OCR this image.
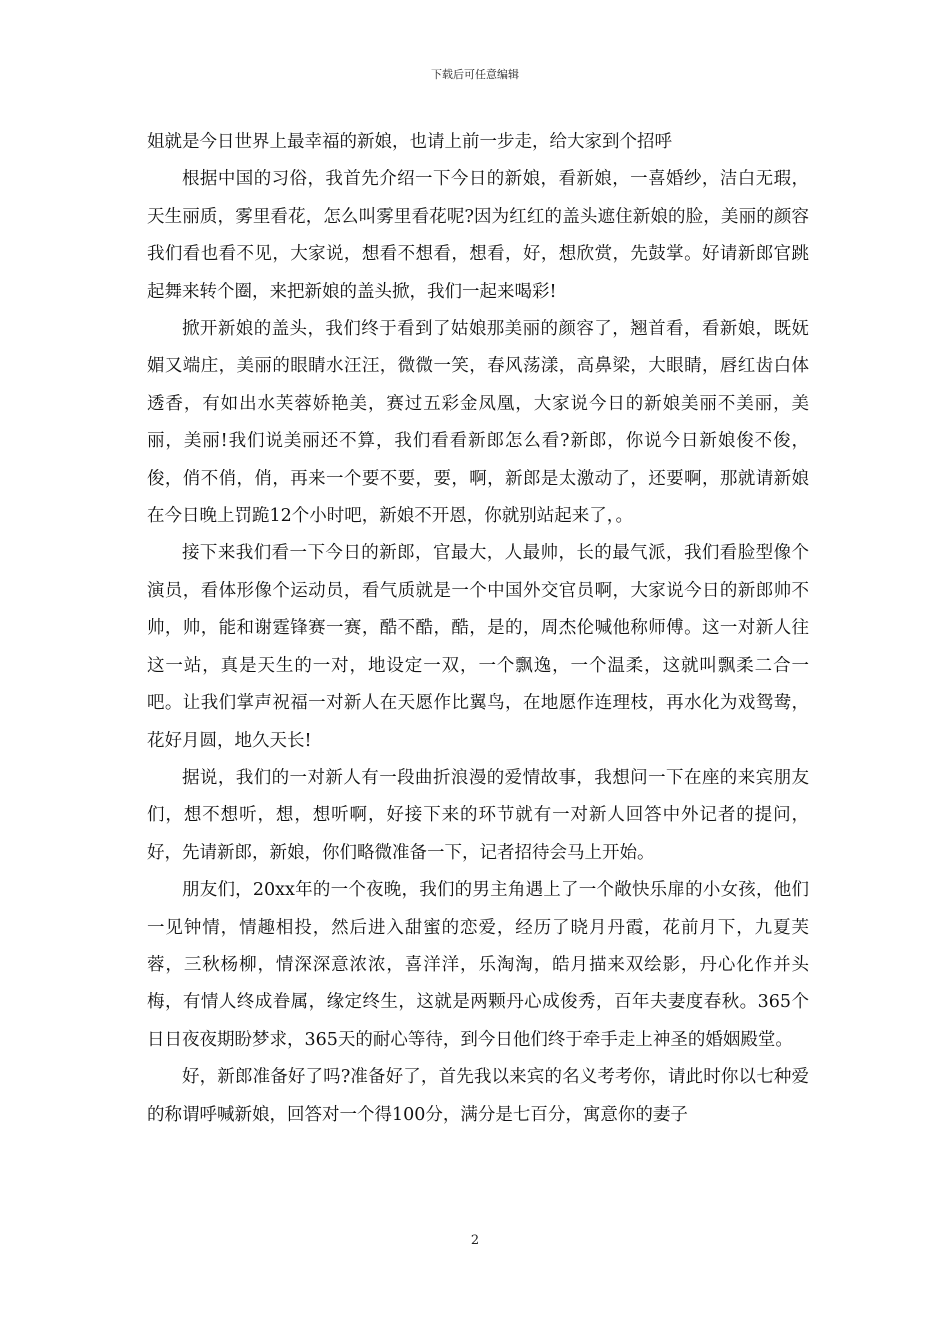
下载后可任意编辑

姐就是今日世界上最幸福的新娘，也请上前一步走，给大家到个招呼

根据中国的习俗，我首先介绍一下今日的新娘，看新娘，一喜婚纱，洁白无瑕，天生丽质，雾里看花，怎么叫雾里看花呢?因为红红的盖头遮住新娘的脸，美丽的颜容我们看也看不见，大家说，想看不想看，想看，好，想欣赏，先鼓掌。好请新郎官跳起舞来转个圈，来把新娘的盖头掀，我们一起来喝彩!

掀开新娘的盖头，我们终于看到了姑娘那美丽的颜容了，翘首看，看新娘，既妩媚又端庄，美丽的眼睛水汪汪，微微一笑，春风荡漾，高鼻梁，大眼睛，唇红齿白体透香，有如出水芙蓉娇艳美，赛过五彩金凤凰，大家说今日的新娘美丽不美丽，美丽，美丽!我们说美丽还不算，我们看看新郎怎么看?新郎，你说今日新娘俊不俊，俊，俏不俏，俏，再来一个要不要，要，啊，新郎是太激动了，还要啊，那就请新娘在今日晚上罚跪12个小时吧，新娘不开恩，你就别站起来了，。

接下来我们看一下今日的新郎，官最大，人最帅，长的最气派，我们看脸型像个演员，看体形像个运动员，看气质就是一个中国外交官员啊，大家说今日的新郎帅不帅，帅，能和谢霆锋赛一赛，酷不酷，酷，是的，周杰伦喊他称师傅。这一对新人往这一站，真是天生的一对，地设定一双，一个飘逸，一个温柔，这就叫飘柔二合一吧。让我们掌声祝福一对新人在天愿作比翼鸟，在地愿作连理枝，再水化为戏鸳鸯，花好月圆，地久天长!

据说，我们的一对新人有一段曲折浪漫的爱情故事，我想问一下在座的来宾朋友们，想不想听，想，想听啊，好接下来的环节就有一对新人回答中外记者的提问，好，先请新郎，新娘，你们略微准备一下，记者招待会马上开始。

朋友们，20xx年的一个夜晚，我们的男主角遇上了一个敞快乐扉的小女孩，他们一见钟情，情趣相投，然后进入甜蜜的恋爱，经历了晓月丹霞，花前月下，九夏芙蓉，三秋杨柳，情深深意浓浓，喜洋洋，乐淘淘，皓月描来双绘影，丹心化作并头梅，有情人终成眷属，缘定终生，这就是两颗丹心成俊秀，百年夫妻度春秋。365个日日夜夜期盼梦求，365天的耐心等待，到今日他们终于牵手走上神圣的婚姻殿堂。

好，新郎准备好了吗?准备好了，首先我以来宾的名义考考你，请此时你以七种爱的称谓呼喊新娘，回答对一个得100分，满分是七百分，寓意你的妻子

2
